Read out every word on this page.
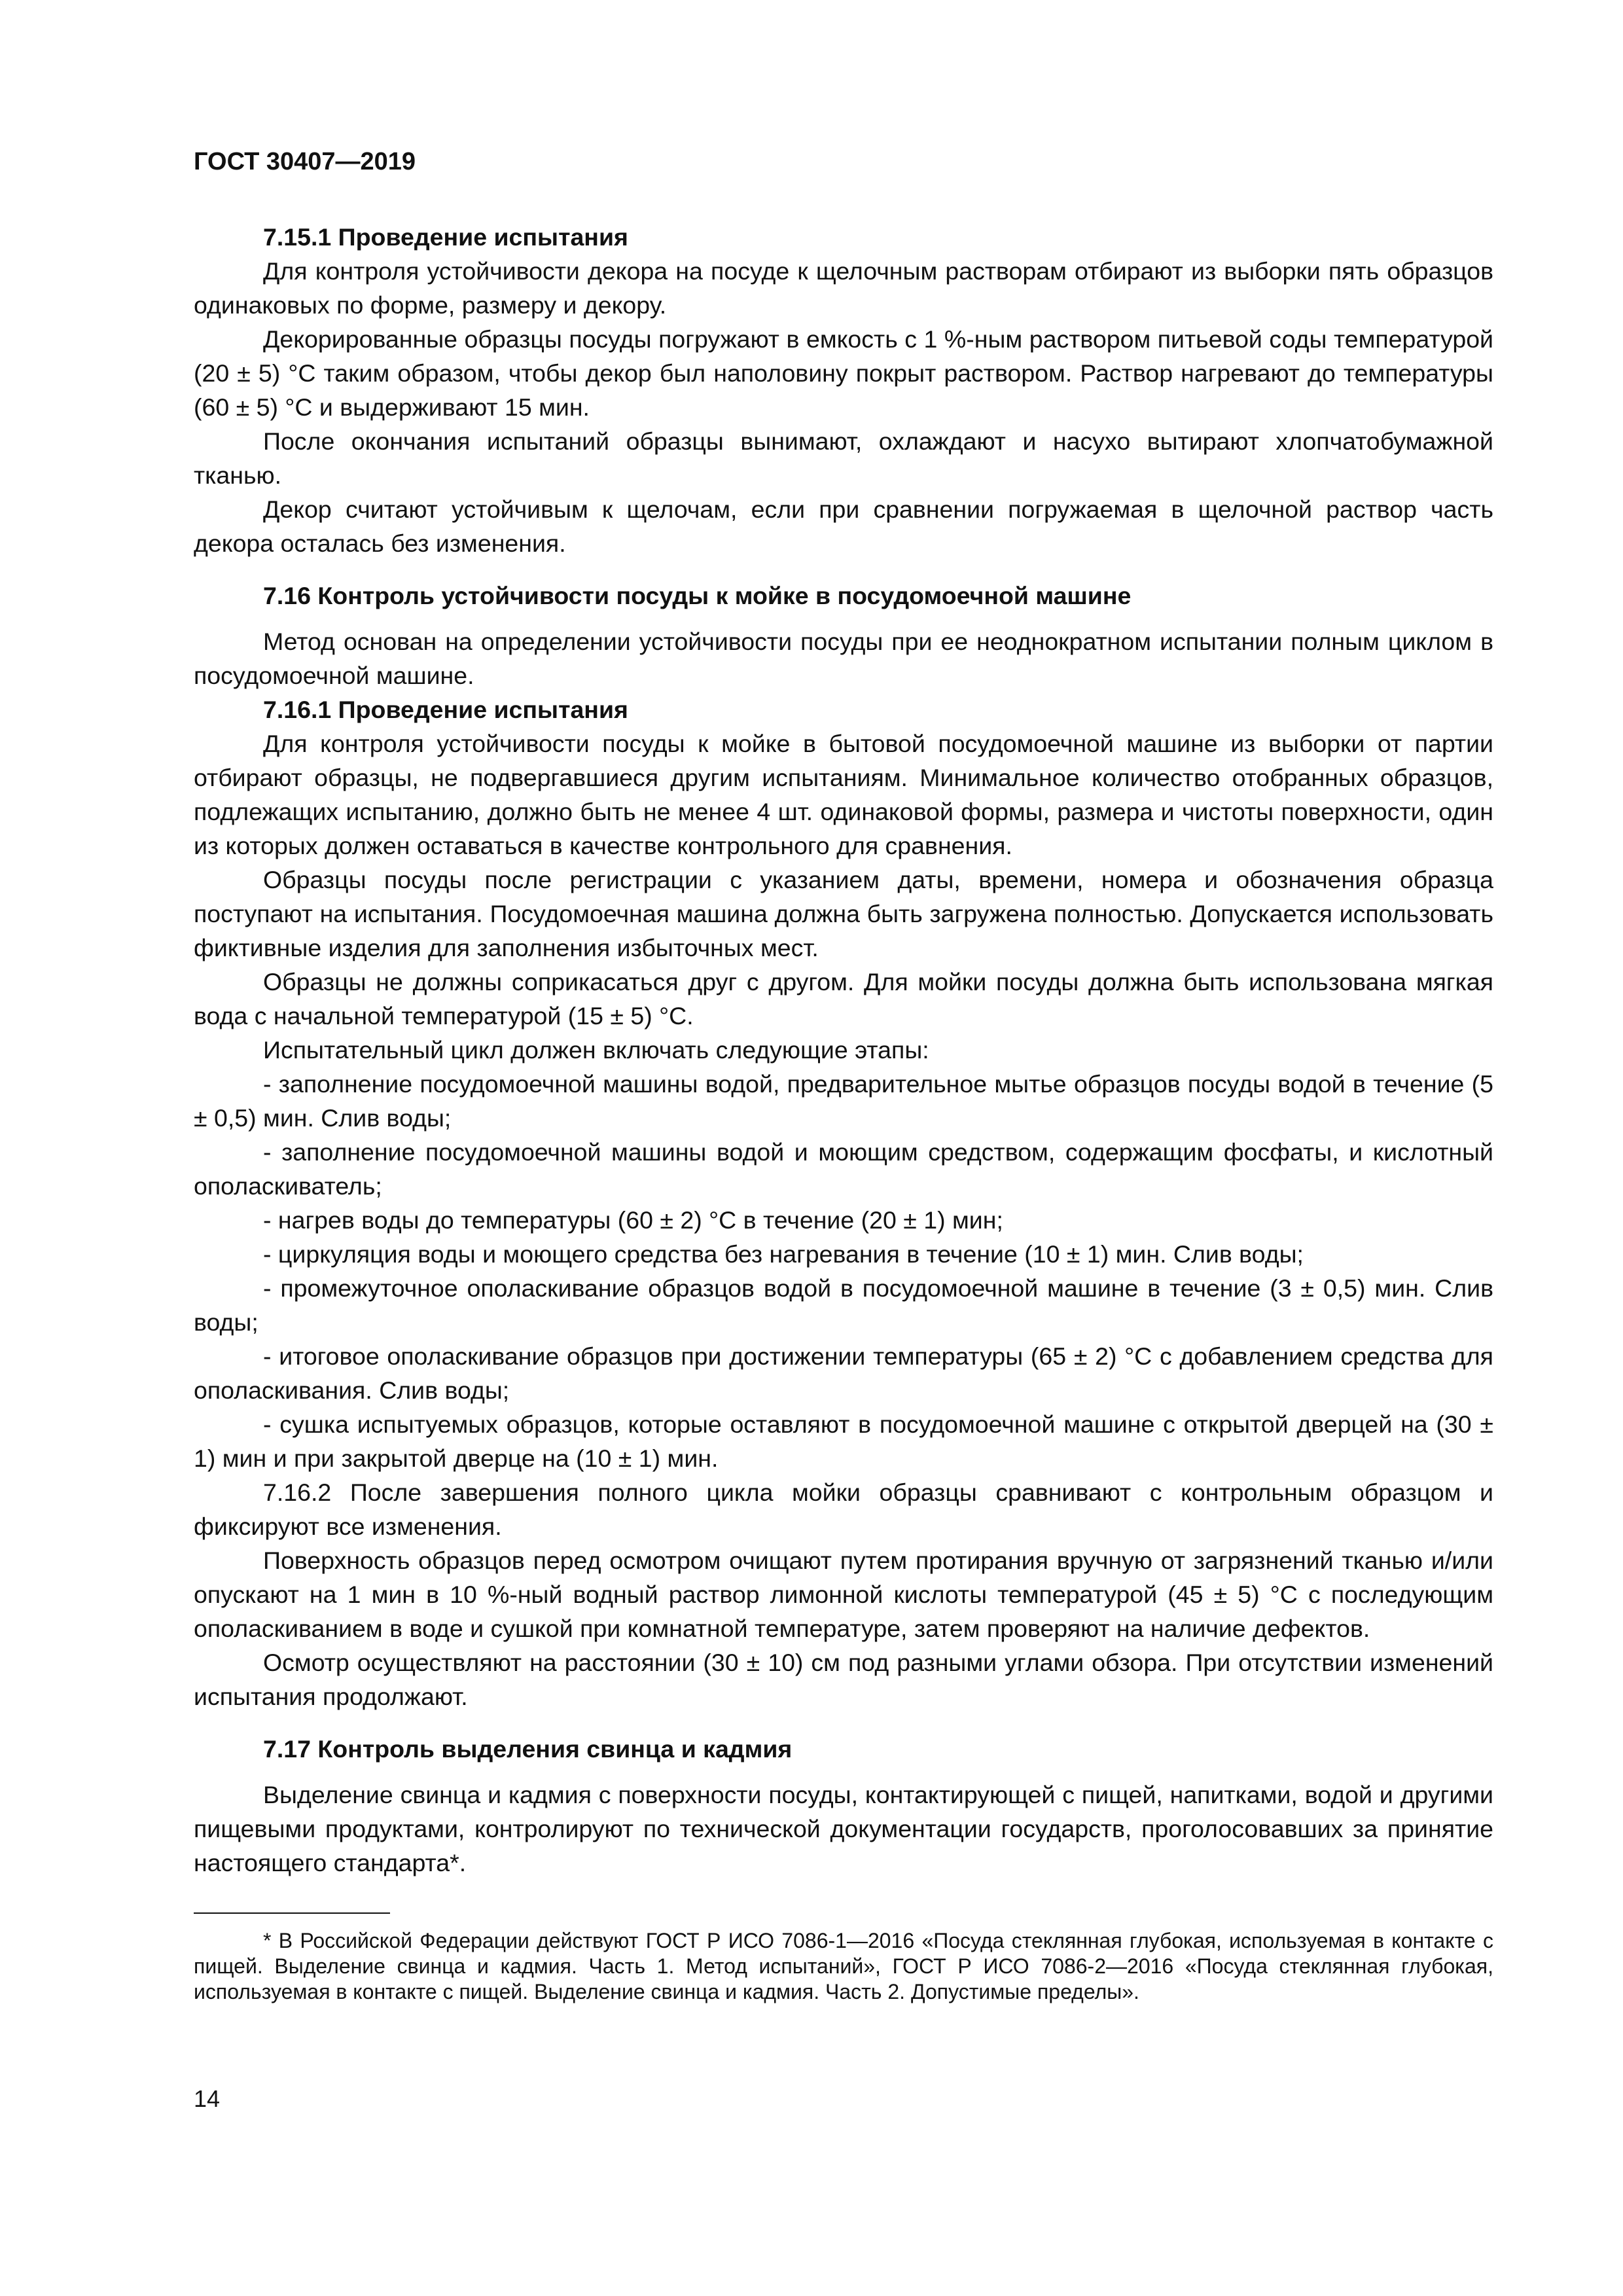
ГОСТ 30407—2019
7.15.1 Проведение испытания

Для контроля устойчивости декора на посуде к щелочным растворам отбирают из выборки пять образцов одинаковых по форме, размеру и декору.

Декорированные образцы посуды погружают в емкость с 1 %-ным раствором питьевой соды температурой (20 ± 5) °С таким образом, чтобы декор был наполовину покрыт раствором. Раствор нагревают до температуры (60 ± 5) °С и выдерживают 15 мин.

После окончания испытаний образцы вынимают, охлаждают и насухо вытирают хлопчатобумажной тканью.

Декор считают устойчивым к щелочам, если при сравнении погружаемая в щелочной раствор часть декора осталась без изменения.

7.16 Контроль устойчивости посуды к мойке в посудомоечной машине

Метод основан на определении устойчивости посуды при ее неоднократном испытании полным циклом в посудомоечной машине.

7.16.1 Проведение испытания

Для контроля устойчивости посуды к мойке в бытовой посудомоечной машине из выборки от партии отбирают образцы, не подвергавшиеся другим испытаниям. Минимальное количество отобранных образцов, подлежащих испытанию, должно быть не менее 4 шт. одинаковой формы, размера и чистоты поверхности, один из которых должен оставаться в качестве контрольного для сравнения.

Образцы посуды после регистрации с указанием даты, времени, номера и обозначения образца поступают на испытания. Посудомоечная машина должна быть загружена полностью. Допускается использовать фиктивные изделия для заполнения избыточных мест.

Образцы не должны соприкасаться друг с другом. Для мойки посуды должна быть использована мягкая вода с начальной температурой (15 ± 5) °С.

Испытательный цикл должен включать следующие этапы:

- заполнение посудомоечной машины водой, предварительное мытье образцов посуды водой в течение (5 ± 0,5) мин. Слив воды;

- заполнение посудомоечной машины водой и моющим средством, содержащим фосфаты, и кислотный ополаскиватель;

- нагрев воды до температуры (60 ± 2) °С в течение (20 ± 1) мин;

- циркуляция воды и моющего средства без нагревания в течение (10 ± 1) мин. Слив воды;

- промежуточное ополаскивание образцов водой в посудомоечной машине в течение (3 ± 0,5) мин. Слив воды;

- итоговое ополаскивание образцов при достижении температуры (65 ± 2) °С с добавлением средства для ополаскивания. Слив воды;

- сушка испытуемых образцов, которые оставляют в посудомоечной машине с открытой дверцей на (30 ± 1) мин и при закрытой дверце на (10 ± 1) мин.

7.16.2 После завершения полного цикла мойки образцы сравнивают с контрольным образцом и фиксируют все изменения.

Поверхность образцов перед осмотром очищают путем протирания вручную от загрязнений тканью и/или опускают на 1 мин в 10 %-ный водный раствор лимонной кислоты температурой (45 ± 5) °С с последующим ополаскиванием в воде и сушкой при комнатной температуре, затем проверяют на наличие дефектов.

Осмотр осуществляют на расстоянии (30 ± 10) см под разными углами обзора. При отсутствии изменений испытания продолжают.

7.17 Контроль выделения свинца и кадмия

Выделение свинца и кадмия с поверхности посуды, контактирующей с пищей, напитками, водой и другими пищевыми продуктами, контролируют по технической документации государств, проголосовавших за принятие настоящего стандарта*.

* В Российской Федерации действуют ГОСТ Р ИСО 7086-1—2016 «Посуда стеклянная глубокая, используемая в контакте с пищей. Выделение свинца и кадмия. Часть 1. Метод испытаний», ГОСТ Р ИСО 7086-2—2016 «Посуда стеклянная глубокая, используемая в контакте с пищей. Выделение свинца и кадмия. Часть 2. Допустимые пределы».

14
